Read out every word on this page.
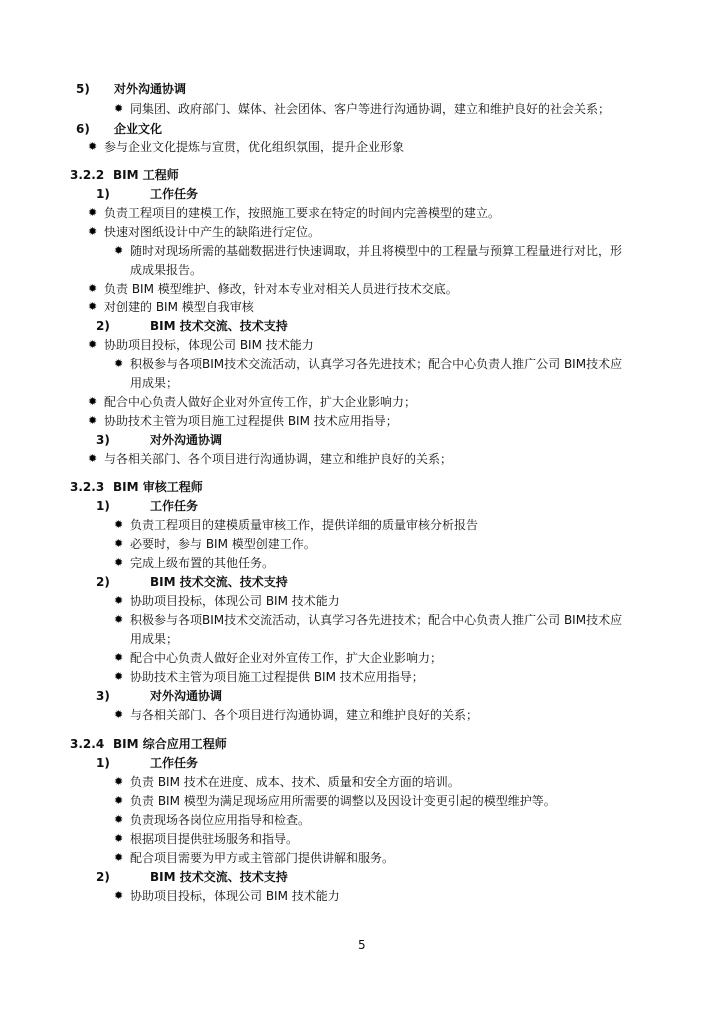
5) 对外沟通协调
✹ 同集团、政府部门、媒体、社会团体、客户等进行沟通协调，建立和维护良好的社会关系；
6) 企业文化
✹ 参与企业文化提炼与宣贯，优化组织氛围，提升企业形象
3.2.2 BIM 工程师
1)	工作任务
✹ 负责工程项目的建模工作，按照施工要求在特定的时间内完善模型的建立。
✹ 快速对图纸设计中产生的缺陷进行定位。
✹ 随时对现场所需的基础数据进行快速调取，并且将模型中的工程量与预算工程量进行对比，形
成成果报告。
✹ 负责 BIM 模型维护、修改，针对本专业对相关人员进行技术交底。
✹ 对创建的 BIM 模型自我审核
2)	BIM 技术交流、技术支持
✹ 协助项目投标，体现公司 BIM 技术能力
✹ 积极参与各项BIM技术交流活动，认真学习各先进技术；配合中心负责人推广公司 BIM技术应
用成果；
✹ 配合中心负责人做好企业对外宣传工作，扩大企业影响力；
✹ 协助技术主管为项目施工过程提供 BIM 技术应用指导；
3)	对外沟通协调
✹ 与各相关部门、各个项目进行沟通协调，建立和维护良好的关系；
3.2.3 BIM 审核工程师
1)	工作任务
✹ 负责工程项目的建模质量审核工作，提供详细的质量审核分析报告
✹ 必要时，参与 BIM 模型创建工作。
✹ 完成上级布置的其他任务。
2)	BIM 技术交流、技术支持
✹ 协助项目投标，体现公司 BIM 技术能力
✹ 积极参与各项BIM技术交流活动，认真学习各先进技术；配合中心负责人推广公司 BIM技术应
用成果；
✹ 配合中心负责人做好企业对外宣传工作，扩大企业影响力；
✹ 协助技术主管为项目施工过程提供 BIM 技术应用指导；
3)	对外沟通协调
✹ 与各相关部门、各个项目进行沟通协调，建立和维护良好的关系；
3.2.4 BIM 综合应用工程师
1)	工作任务
✹ 负责 BIM 技术在进度、成本、技术、质量和安全方面的培训。
✹ 负责 BIM 模型为满足现场应用所需要的调整以及因设计变更引起的模型维护等。
✹ 负责现场各岗位应用指导和检查。
✹ 根据项目提供驻场服务和指导。
✹ 配合项目需要为甲方或主管部门提供讲解和服务。
2)	BIM 技术交流、技术支持
✹ 协助项目投标，体现公司 BIM 技术能力
5
